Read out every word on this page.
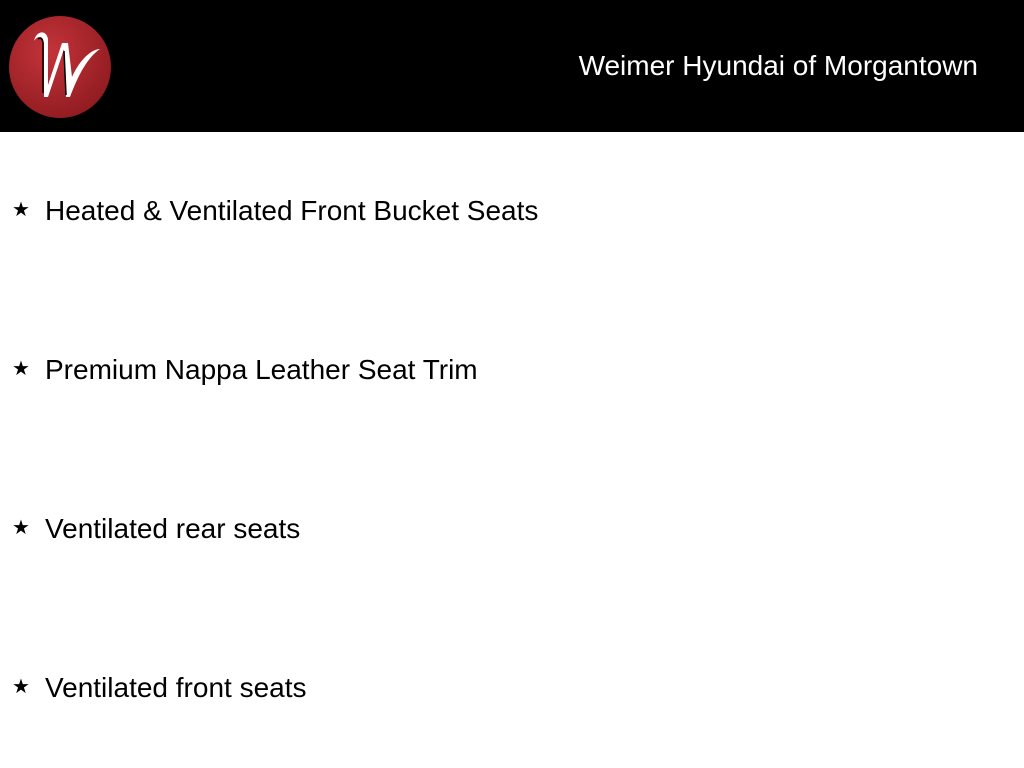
Weimer Hyundai of Morgantown
★ Heated & Ventilated Front Bucket Seats
★ Premium Nappa Leather Seat Trim
★ Ventilated rear seats
★ Ventilated front seats
